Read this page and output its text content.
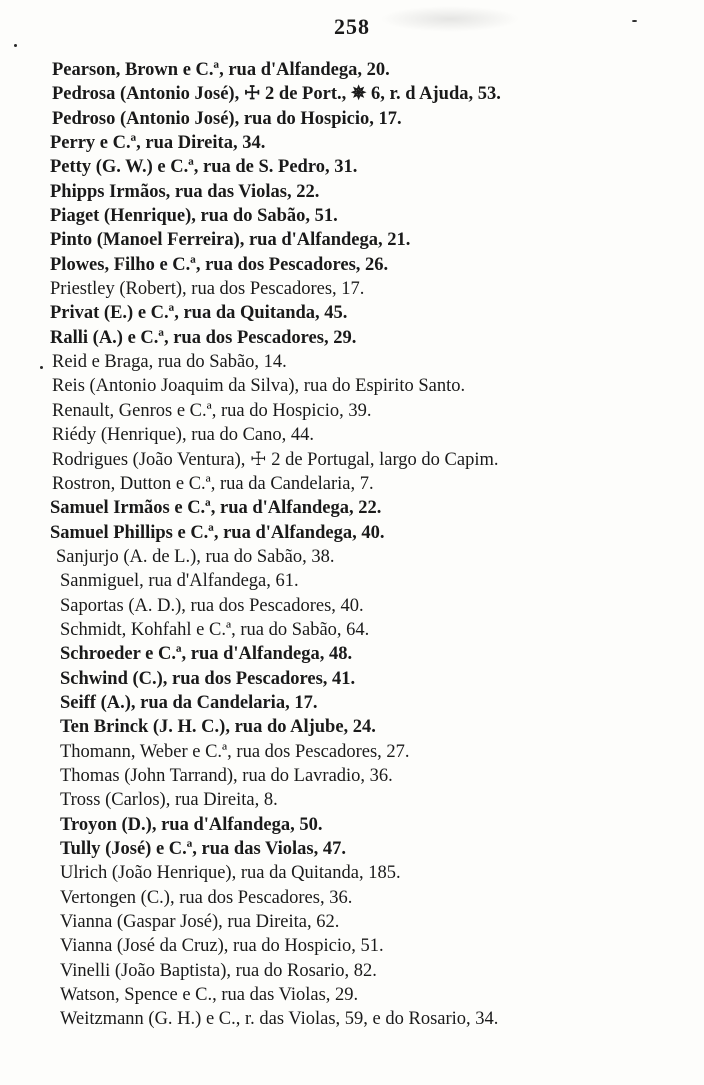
258
Pearson, Brown e C.ª, rua d'Alfandega, 20.
Pedrosa (Antonio José), ☩ 2 de Port., ✵ 6, r. d Ajuda, 53.
Pedroso (Antonio José), rua do Hospicio, 17.
Perry e C.ª, rua Direita, 34.
Petty (G. W.) e C.ª, rua de S. Pedro, 31.
Phipps Irmãos, rua das Violas, 22.
Piaget (Henrique), rua do Sabão, 51.
Pinto (Manoel Ferreira), rua d'Alfandega, 21.
Plowes, Filho e C.ª, rua dos Pescadores, 26.
Priestley (Robert), rua dos Pescadores, 17.
Privat (E.) e C.ª, rua da Quitanda, 45.
Ralli (A.) e C.ª, rua dos Pescadores, 29.
Reid e Braga, rua do Sabão, 14.
Reis (Antonio Joaquim da Silva), rua do Espirito Santo.
Renault, Genros e C.ª, rua do Hospicio, 39.
Riédy (Henrique), rua do Cano, 44.
Rodrigues (João Ventura), ☩ 2 de Portugal, largo do Capim.
Rostron, Dutton e C.ª, rua da Candelaria, 7.
Samuel Irmãos e C.ª, rua d'Alfandega, 22.
Samuel Phillips e C.ª, rua d'Alfandega, 40.
Sanjurjo (A. de L.), rua do Sabão, 38.
Sanmiguel, rua d'Alfandega, 61.
Saportas (A. D.), rua dos Pescadores, 40.
Schmidt, Kohfahl e C.ª, rua do Sabão, 64.
Schroeder e C.ª, rua d'Alfandega, 48.
Schwind (C.), rua dos Pescadores, 41.
Seiff (A.), rua da Candelaria, 17.
Ten Brinck (J. H. C.), rua do Aljube, 24.
Thomann, Weber e C.ª, rua dos Pescadores, 27.
Thomas (John Tarrand), rua do Lavradio, 36.
Tross (Carlos), rua Direita, 8.
Troyon (D.), rua d'Alfandega, 50.
Tully (José) e C.ª, rua das Violas, 47.
Ulrich (João Henrique), rua da Quitanda, 185.
Vertongen (C.), rua dos Pescadores, 36.
Vianna (Gaspar José), rua Direita, 62.
Vianna (José da Cruz), rua do Hospicio, 51.
Vinelli (João Baptista), rua do Rosario, 82.
Watson, Spence e C., rua das Violas, 29.
Weitzmann (G. H.) e C., r. das Violas, 59, e do Rosario, 34.
